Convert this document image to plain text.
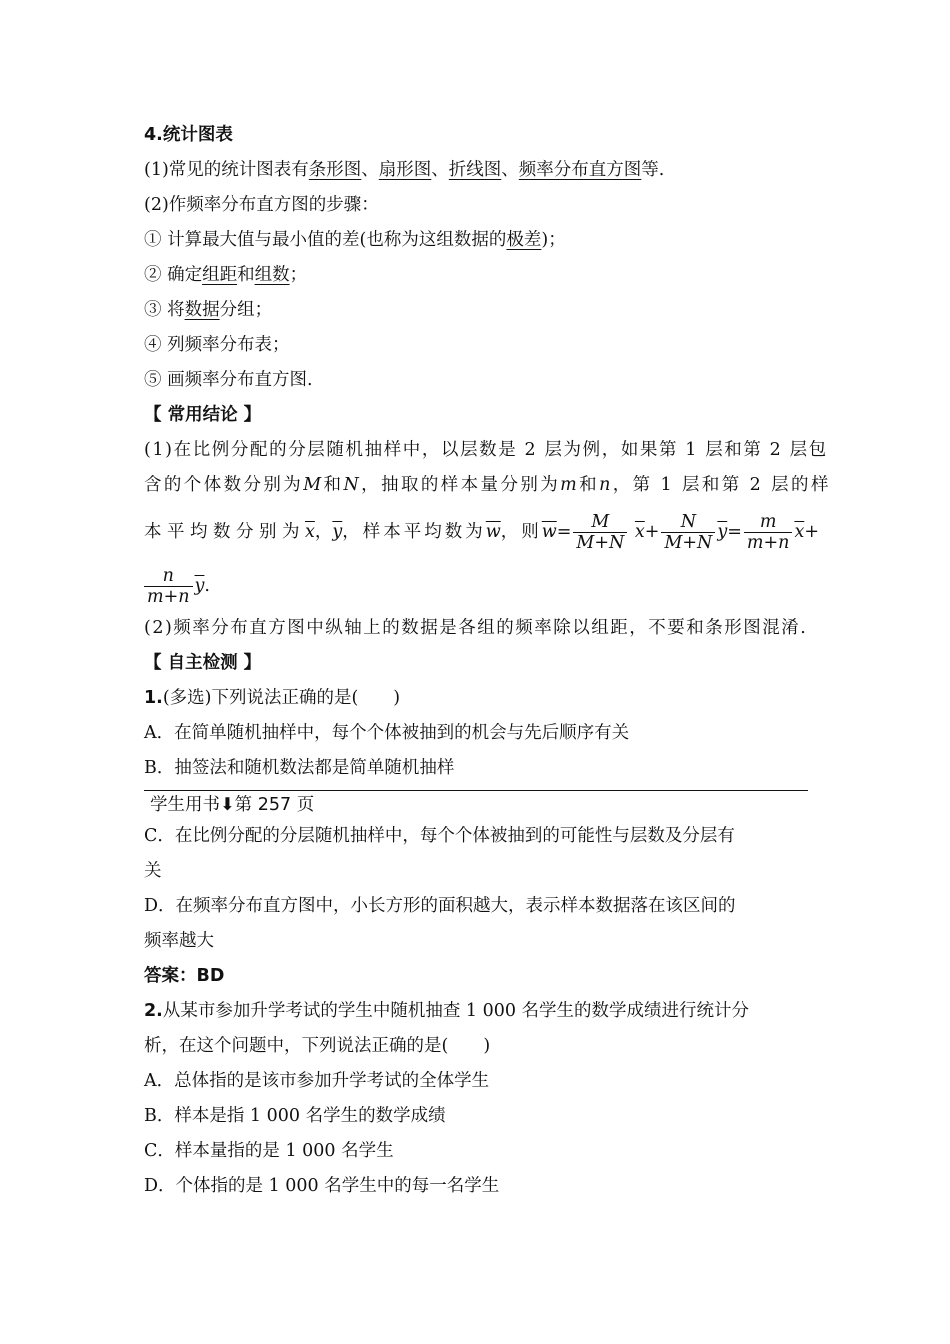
4.统计图表
(1)常见的统计图表有条形图、扇形图、折线图、频率分布直方图等.
(2)作频率分布直方图的步骤：
① 计算最大值与最小值的差(也称为这组数据的极差)；
② 确定组距和组数；
③ 将数据分组；
④ 列频率分布表；
⑤ 画频率分布直方图.
【 常用结论 】
(1)在比例分配的分层随机抽样中，以层数是 2 层为例，如果第 1 层和第 2 层包
含的个体数分别为M和N，抽取的样本量分别为m和n，第 1 层和第 2 层的样
本平均数分别为$\overline{x}$，$\overline{y}$，样本平均数为$\overline{w}$，则$\overline{w}= \frac{M}{M+N} \overline{x}+ \frac{N}{M+N} \overline{y}= \frac{m}{m+n} \overline{x}+$
$\frac{n}{m+n} \overline{y}$.
(2)频率分布直方图中纵轴上的数据是各组的频率除以组距，不要和条形图混淆.
【 自主检测 】
1.(多选)下列说法正确的是(　　)
A．在简单随机抽样中，每个个体被抽到的机会与先后顺序有关
B．抽签法和随机数法都是简单随机抽样
学生用书⬇第 257 页
C．在比例分配的分层随机抽样中，每个个体被抽到的可能性与层数及分层有
关
D．在频率分布直方图中，小长方形的面积越大，表示样本数据落在该区间的
频率越大
答案：BD
2.从某市参加升学考试的学生中随机抽查 1 000 名学生的数学成绩进行统计分
析，在这个问题中，下列说法正确的是(　　)
A．总体指的是该市参加升学考试的全体学生
B．样本是指 1 000 名学生的数学成绩
C．样本量指的是 1 000 名学生
D．个体指的是 1 000 名学生中的每一名学生
